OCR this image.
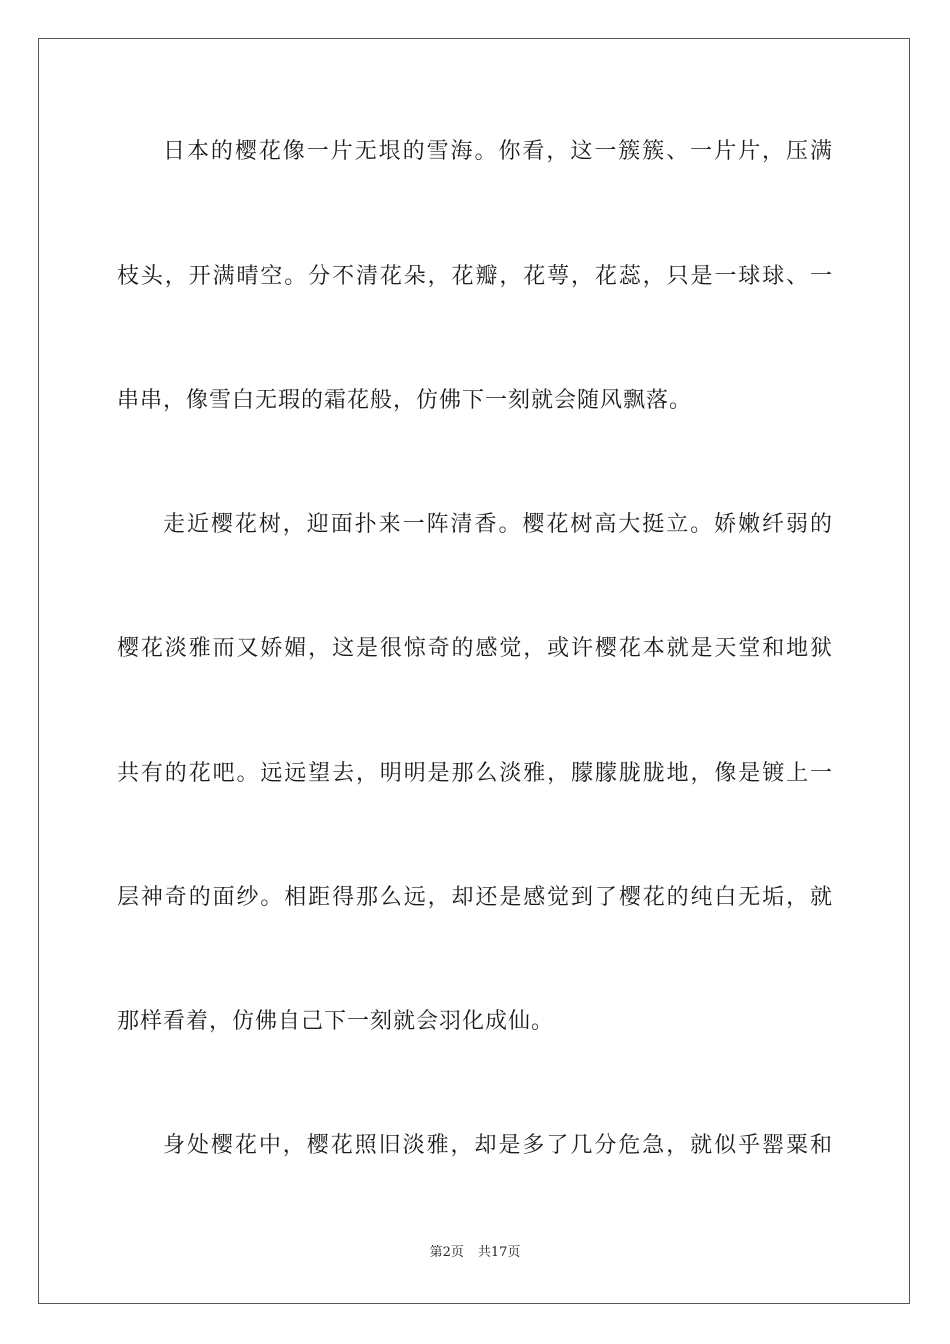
日本的樱花像一片无垠的雪海。你看，这一簇簇、一片片，压满
枝头，开满晴空。分不清花朵，花瓣，花萼，花蕊，只是一球球、一
串串，像雪白无瑕的霜花般，仿佛下一刻就会随风飘落。
走近樱花树，迎面扑来一阵清香。樱花树高大挺立。娇嫩纤弱的
樱花淡雅而又娇媚，这是很惊奇的感觉，或许樱花本就是天堂和地狱
共有的花吧。远远望去，明明是那么淡雅，朦朦胧胧地，像是镀上一
层神奇的面纱。相距得那么远，却还是感觉到了樱花的纯白无垢，就
那样看着，仿佛自己下一刻就会羽化成仙。
身处樱花中，樱花照旧淡雅，却是多了几分危急，就似乎罂粟和
第2页 共17页
